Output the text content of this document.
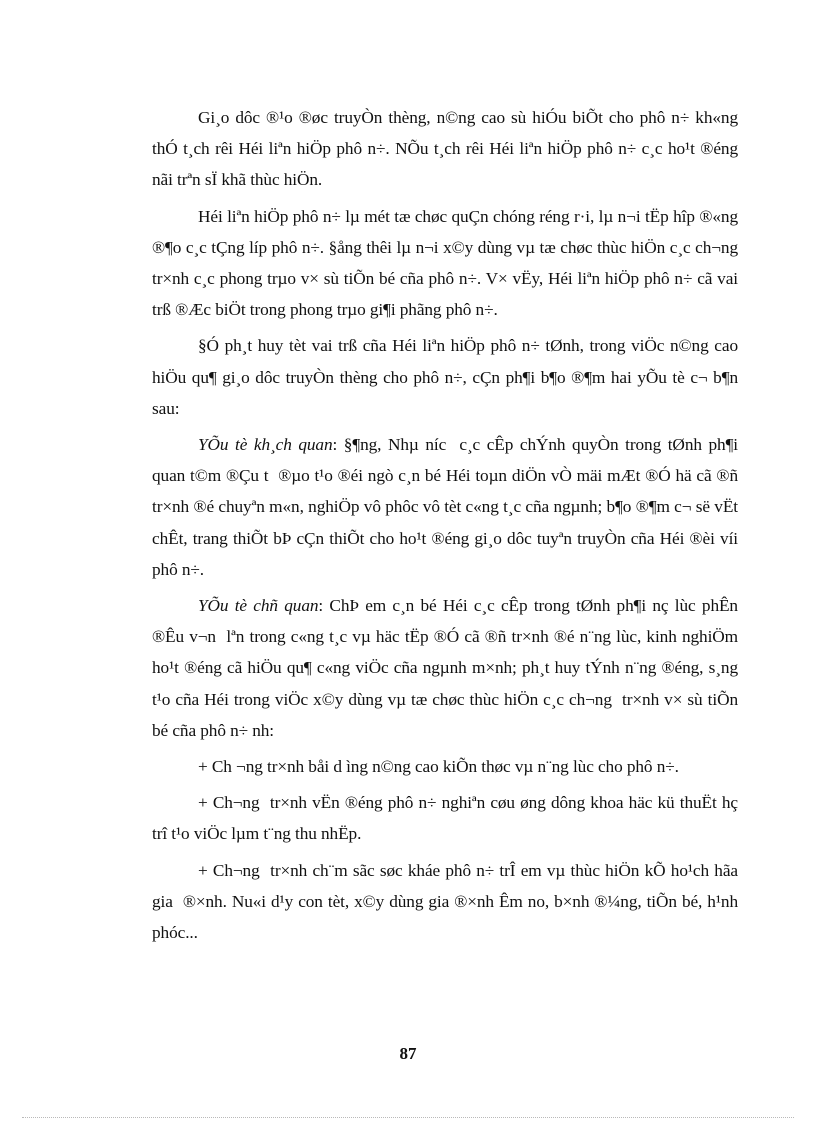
Gi¸o dôc ®¹o ®øc truyÒn thèng, n©ng cao sù hiÓu biÕt cho phô n÷ kh«ng thÓ t¸ch rêi Héi liªn hiÖp phô n÷. NÕu t¸ch rêi Héi liªn hiÖp phô n÷ c¸c ho¹t ®éng nãi trªn sÏ khã thùc hiÖn.

Héi liªn hiÖp phô n÷ lµ mét tæ chøc quÇn chóng réng r·i, lµ n¬i tËp hîp ®«ng ®¶o c¸c tÇng líp phô n÷. §ång thêi lµ n¬i x©y dùng vµ tæ chøc thùc hiÖn c¸c ch¬ng  tr×nh c¸c phong trµo v× sù tiÕn bé cña phô n÷. V× vËy, Héi liªn hiÖp phô n÷ cã vai trß ®Æc biÖt trong phong trµo gi¶i phãng phô n÷.

§Ó ph¸t huy tèt vai trß cña Héi liªn hiÖp phô n÷ tØnh, trong viÖc n©ng cao hiÖu qu¶ gi¸o dôc truyÒn thèng cho phô n÷, cÇn ph¶i b¶o ®¶m hai yÕu tè c¬ b¶n sau:

YÕu tè kh¸ch quan: §¶ng, Nhµ níc  c¸c cÊp chÝnh quyÒn trong tØnh ph¶i quan t©m ®Çu t  ®µo t¹o ®éi ngò c¸n bé Héi toµn diÖn vÒ mäi mÆt ®Ó hä cã ®ñ tr×nh ®é chuyªn m«n, nghiÖp vô phôc vô tèt c«ng t¸c cña ngµnh; b¶o ®¶m c¬ së vËt chÊt, trang thiÕt bÞ cÇn thiÕt cho ho¹t ®éng gi¸o dôc tuyªn truyÒn cña Héi ®èi víi phô n÷.

YÕu tè chñ quan: ChÞ em c¸n bé Héi c¸c cÊp trong tØnh ph¶i nç lùc phÊn ®Êu v¬n  lªn trong c«ng t¸c vµ häc tËp ®Ó cã ®ñ tr×nh ®é n¨ng lùc, kinh nghiÖm ho¹t ®éng cã hiÖu qu¶ c«ng viÖc cña ngµnh m×nh; ph¸t huy tÝnh n¨ng ®éng, s¸ng t¹o cña Héi trong viÖc x©y dùng vµ tæ chøc thùc hiÖn c¸c ch¬ng  tr×nh v× sù tiÕn bé cña phô n÷ nh:

+ Ch ¬ng tr×nh båi d ìng n©ng cao kiÕn thøc vµ n¨ng lùc cho phô n÷.

+ Ch¬ng  tr×nh vËn ®éng phô n÷ nghiªn cøu øng dông khoa häc kü thuËt hç trî t¹o viÖc lµm t¨ng thu nhËp.

+ Ch¬ng  tr×nh ch¨m sãc søc kháe phô n÷ trÎ em vµ thùc hiÖn kÕ ho¹ch hãa gia  ®×nh. Nu«i d¹y con tèt, x©y dùng gia ®×nh Êm no, b×nh ®¼ng, tiÕn bé, h¹nh phóc...

87
